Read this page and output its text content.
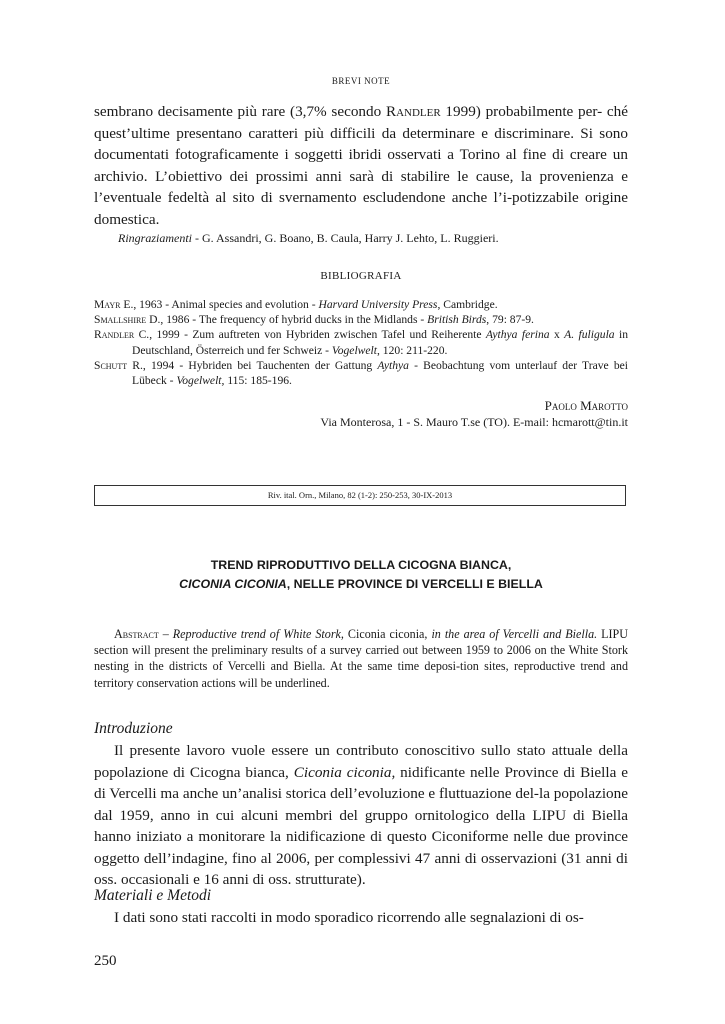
BREVI NOTE

sembrano decisamente più rare (3,7% secondo Randler 1999) probabilmente per- ché quest’ultime presentano caratteri più difficili da determinare e discriminare. Si sono documentati fotograficamente i soggetti ibridi osservati a Torino al fine di creare un archivio. L’obiettivo dei prossimi anni sarà di stabilire le cause, la provenienza e l’eventuale fedeltà al sito di svernamento escludendone anche l’i-potizzabile origine domestica.

Ringraziamenti - G. Assandri, G. Boano, B. Caula, Harry J. Lehto, L. Ruggieri.
BIBLIOGRAFIA

Mayr E., 1963 - Animal species and evolution - Harvard University Press, Cambridge.

Smallshire D., 1986 - The frequency of hybrid ducks in the Midlands - British Birds, 79: 87-9.

Randler C., 1999 - Zum auftreten von Hybriden zwischen Tafel und Reiherente Aythya ferina x A. fuligula in Deutschland, Österreich und fer Schweiz - Vogelwelt, 120: 211-220.

Schutt R., 1994 - Hybriden bei Tauchenten der Gattung Aythya - Beobachtung vom unterlauf der Trave bei Lübeck - Vogelwelt, 115: 185-196.

Paolo Marotto
Via Monterosa, 1 - S. Mauro T.se (TO). E-mail: hcmarott@tin.it
Riv. ital. Orn., Milano, 82 (1-2): 250-253, 30-IX-2013
TREND RIPRODUTTIVO DELLA CICOGNA BIANCA,
CICONIA CICONIA, NELLE PROVINCE DI VERCELLI E BIELLA

Abstract – Reproductive trend of White Stork, Ciconia ciconia, in the area of Vercelli and Biella. LIPU section will present the preliminary results of a survey carried out between 1959 to 2006 on the White Stork nesting in the districts of Vercelli and Biella. At the same time deposi-tion sites, reproductive trend and territory conservation actions will be underlined.

Introduzione

Il presente lavoro vuole essere un contributo conoscitivo sullo stato attuale della popolazione di Cicogna bianca, Ciconia ciconia, nidificante nelle Province di Biella e di Vercelli ma anche un’analisi storica dell’evoluzione e fluttuazione del-la popolazione dal 1959, anno in cui alcuni membri del gruppo ornitologico della LIPU di Biella hanno iniziato a monitorare la nidificazione di questo Ciconiforme nelle due province oggetto dell’indagine, fino al 2006, per complessivi 47 anni di osservazioni (31 anni di oss. occasionali e 16 anni di oss. strutturate).

Materiali e Metodi

I dati sono stati raccolti in modo sporadico ricorrendo alle segnalazioni di os-

250
